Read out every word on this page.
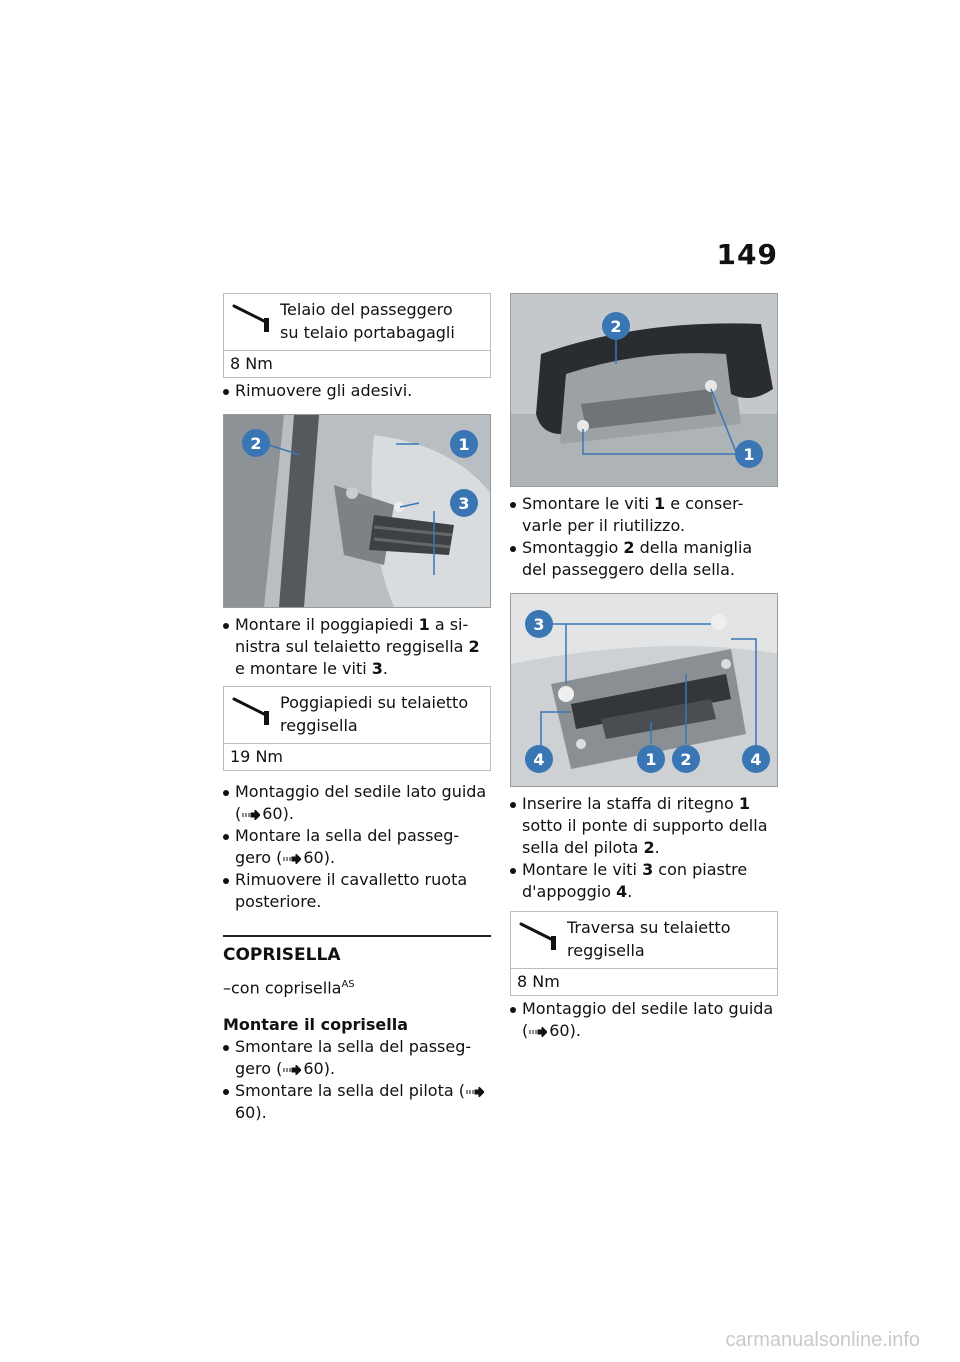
149
Telaio del passeggero
su telaio portabagagli
8 Nm
Rimuovere gli adesivi.
1
2
3
Montare il poggiapiedi 1 a si-nistra sul telaietto reggisella 2 e montare le viti 3.
Poggiapiedi su telaietto
reggisella
19 Nm
Montaggio del sedile lato guida ( 60).
Montare la sella del passeg-gero ( 60).
Rimuovere il cavalletto ruota posteriore.
COPRISELLA
–con coprisella$^{AS}$
Montare il coprisella
Smontare la sella del passeg-gero ( 60).
Smontare la sella del pilota (60).
2
1
Smontare le viti 1 e conser-varle per il riutilizzo.
Smontaggio 2 della maniglia del passeggero della sella.
3
4	1 2	4
Inserire la staffa di ritegno 1 sotto il ponte di supporto della sella del pilota 2.
Montare le viti 3 con piastre d'appoggio 4.
Traversa su telaietto
reggisella
8 Nm
Montaggio del sedile lato guida ( 60).
carmanualsonline.info
